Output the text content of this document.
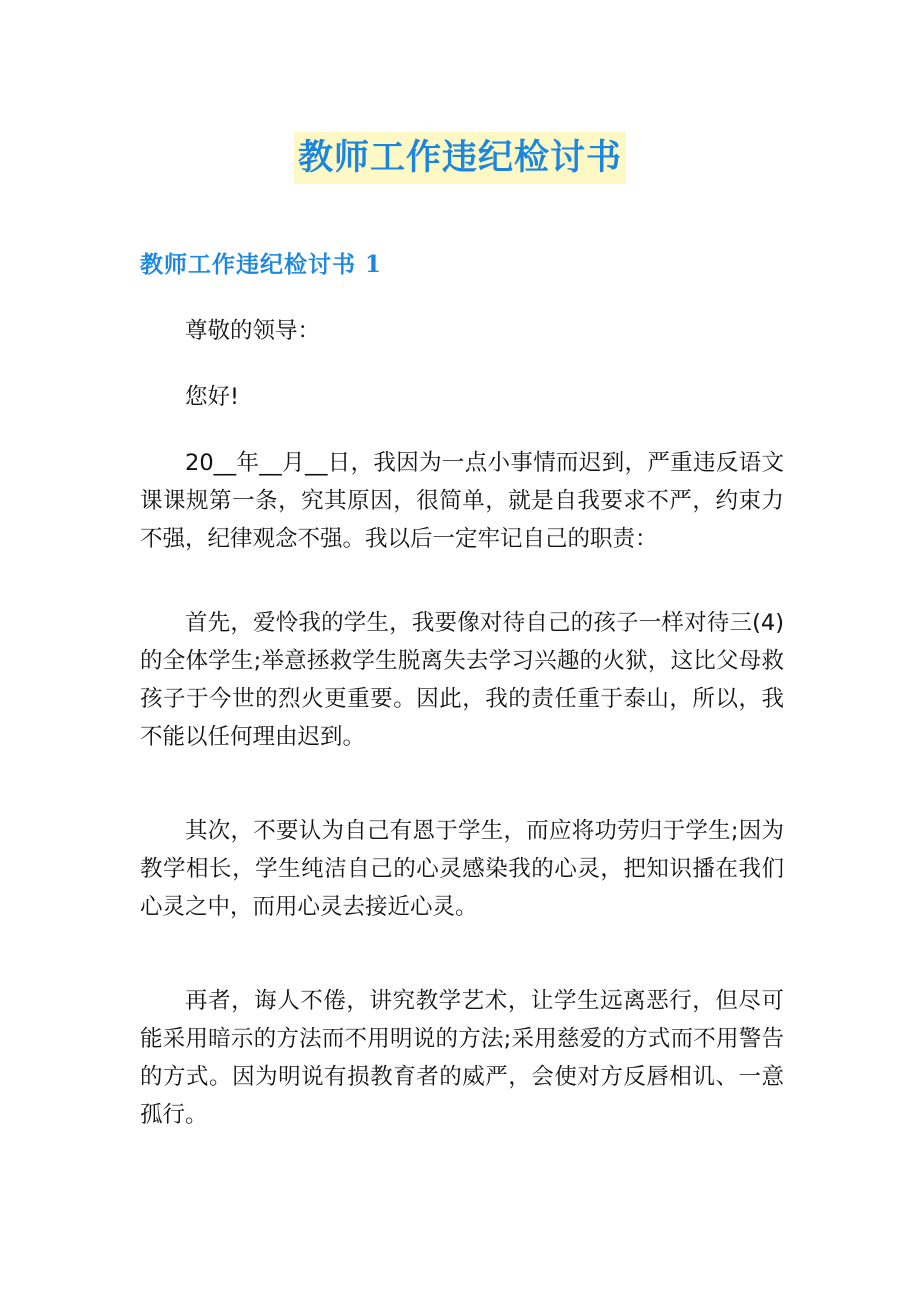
教师工作违纪检讨书
教师工作违纪检讨书 1

尊敬的领导：

您好!

20__年__月__日，我因为一点小事情而迟到，严重违反语文课课规第一条，究其原因，很简单，就是自我要求不严，约束力不强，纪律观念不强。我以后一定牢记自己的职责：

首先，爱怜我的学生，我要像对待自己的孩子一样对待三(4)的全体学生;举意拯救学生脱离失去学习兴趣的火狱，这比父母救孩子于今世的烈火更重要。因此，我的责任重于泰山，所以，我不能以任何理由迟到。

其次，不要认为自己有恩于学生，而应将功劳归于学生;因为教学相长，学生纯洁自己的心灵感染我的心灵，把知识播在我们心灵之中，而用心灵去接近心灵。

再者，诲人不倦，讲究教学艺术，让学生远离恶行，但尽可能采用暗示的方法而不用明说的方法;采用慈爱的方式而不用警告的方式。因为明说有损教育者的威严，会使对方反唇相讥、一意孤行。
